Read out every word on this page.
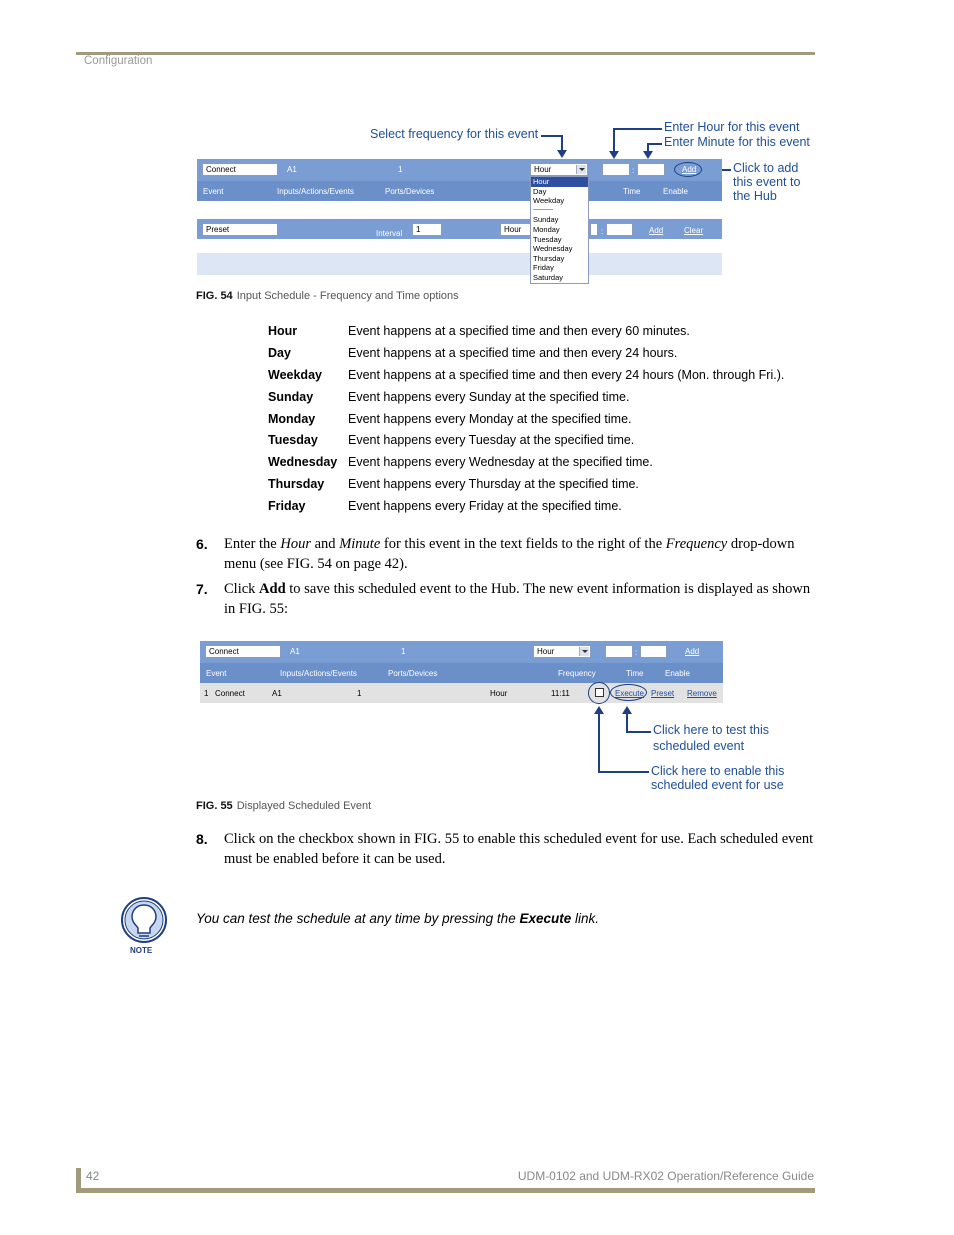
Configuration
Select frequency for this event	Enter Hour for this event
Enter Minute for this event
Click to add
this event to
the Hub
Connect	A1	1	Hour	:	Add
Event	Inputs/Actions/Events	Ports/Devices	Time	Enable
Preset	Interval	1	Hour	:	Add	Clear
Hour
Day
Weekday
----------
Sunday
Monday
Tuesday
Wednesday
Thursday
Friday
Saturday
FIG. 54 Input Schedule - Frequency and Time options
Hour	Event happens at a specified time and then every 60 minutes.
Day	Event happens at a specified time and then every 24 hours.
Weekday Event happens at a specified time and then every 24 hours (Mon. through Fri.).
Sunday	Event happens every Sunday at the specified time.
Monday	Event happens every Monday at the specified time.
Tuesday Event happens every Tuesday at the specified time.
Wednesday Event happens every Wednesday at the specified time.
Thursday Event happens every Thursday at the specified time.
Friday	Event happens every Friday at the specified time.
6. Enter the Hour and Minute for this event in the text fields to the right of the Frequency drop-down menu (see FIG. 54 on page 42).
7. Click Add to save this scheduled event to the Hub. The new event information is displayed as shown in FIG. 55:
Connect	A1	1	Hour	:	Add
Event	Inputs/Actions/Events	Ports/Devices	Frequency	Time	Enable
1 Connect	A1	1	Hour	11:11	Execute Preset Remove
Click here to test this
scheduled event
Click here to enable this
scheduled event for use
FIG. 55 Displayed Scheduled Event
8. Click on the checkbox shown in FIG. 55 to enable this scheduled event for use. Each scheduled event must be enabled before it can be used.
NOTE
You can test the schedule at any time by pressing the Execute link.
42	UDM-0102 and UDM-RX02 Operation/Reference Guide
